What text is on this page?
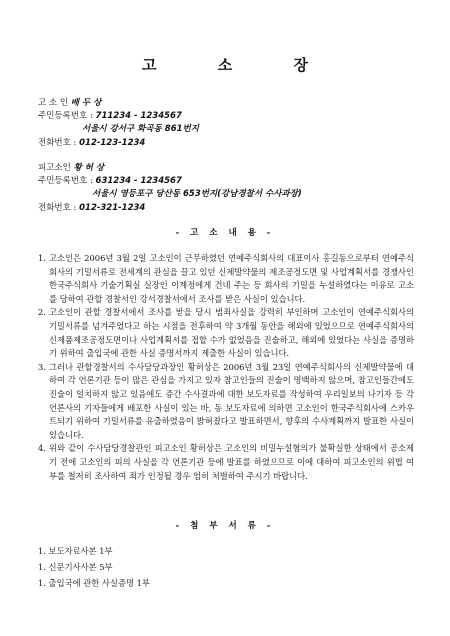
고 소 장
고 소 인 배 두 상
주민등록번호 : 711234 - 1234567
서울시 강서구 화곡동 861번지
전화번호 : 012-123-1234
피고소인 황 허 상
주민등록번호 : 631234 - 1234567
서울시 영등포구 당산동 653번지(강남경찰서 수사과장)
전화번호 : 012-321-1234
- 고 소 내 용 -
1. 고소인은 2006년 3월 2일 고소인이 근무하였던 연예주식회사의 대표이사 홍길동으로부터 연예주식회사의 기밀서류로 전세계의 관심을 끌고 있던 신제발약물의 제조공정도면 및 사업계획서를 경쟁사인 한국주식회사 기술기획실 실장인 이계정에게 건네 주는 등 회사의 기밀을 누설하였다는 이유로 고소를 당하여 관할 경찰서인 강서경찰서에서 조사를 받은 사실이 있습니다.
2. 고소인이 관할 경찰서에서 조사를 받을 당시 범죄사실을 강력히 부인하며 고소인이 연예주식회사의 기밀서류를 넘겨주었다고 하는 시점을 전후하여 약 3개월 동안을 해외에 있었으므로 연예주식회사의 신제품제조공정도면이나 사업계획서를 접할 수가 없었음을 진술하고, 해외에 있었다는 사실을 증명하기 위하여 출입국에 관한 사실 증명서까지 제출한 사실이 있습니다.
3. 그러나 관할경찰서의 수사담당과장인 황허상은 2006년 3월 23일 연예주식회사의 신제발약물에 대하여 각 언론기관 등이 많은 관심을 가지고 있자 참고인들의 진술이 명백하지 않으며, 참고인들간에도 진술이 일치하지 않고 있음에도 증간 수사결과에 대한 보도자료를 작성하여 우리일보의 나기자 등 각 언론사의 기자들에게 배포한 사실이 있는 바, 동 보도자료에 의하면 고소인이 한국주식회사에 스카우트되기 위하여 기밀서류를 유출하였음이 밝혀졌다고 발표하면서, 향후의 수사계획까지 발표한 사실이 있습니다.
4. 위와 같이 수사담당경찰관인 피고소인 황허상은 고소인의 비밀누설혐의가 불확실한 상태에서 공소제기 전에 고소인의 피의 사실을 각 언론기관 등에 발표를 하였으므로 이에 대하여 피고소인의 위법 여부를 철저히 조사하여 죄가 인정될 경우 엄히 처벌하여 주시기 바랍니다.
- 첨 부 서 류 -
1. 보도자료사본 1부
1. 신문기사사본 5부
1. 출입국에 관한 사실증명 1부
